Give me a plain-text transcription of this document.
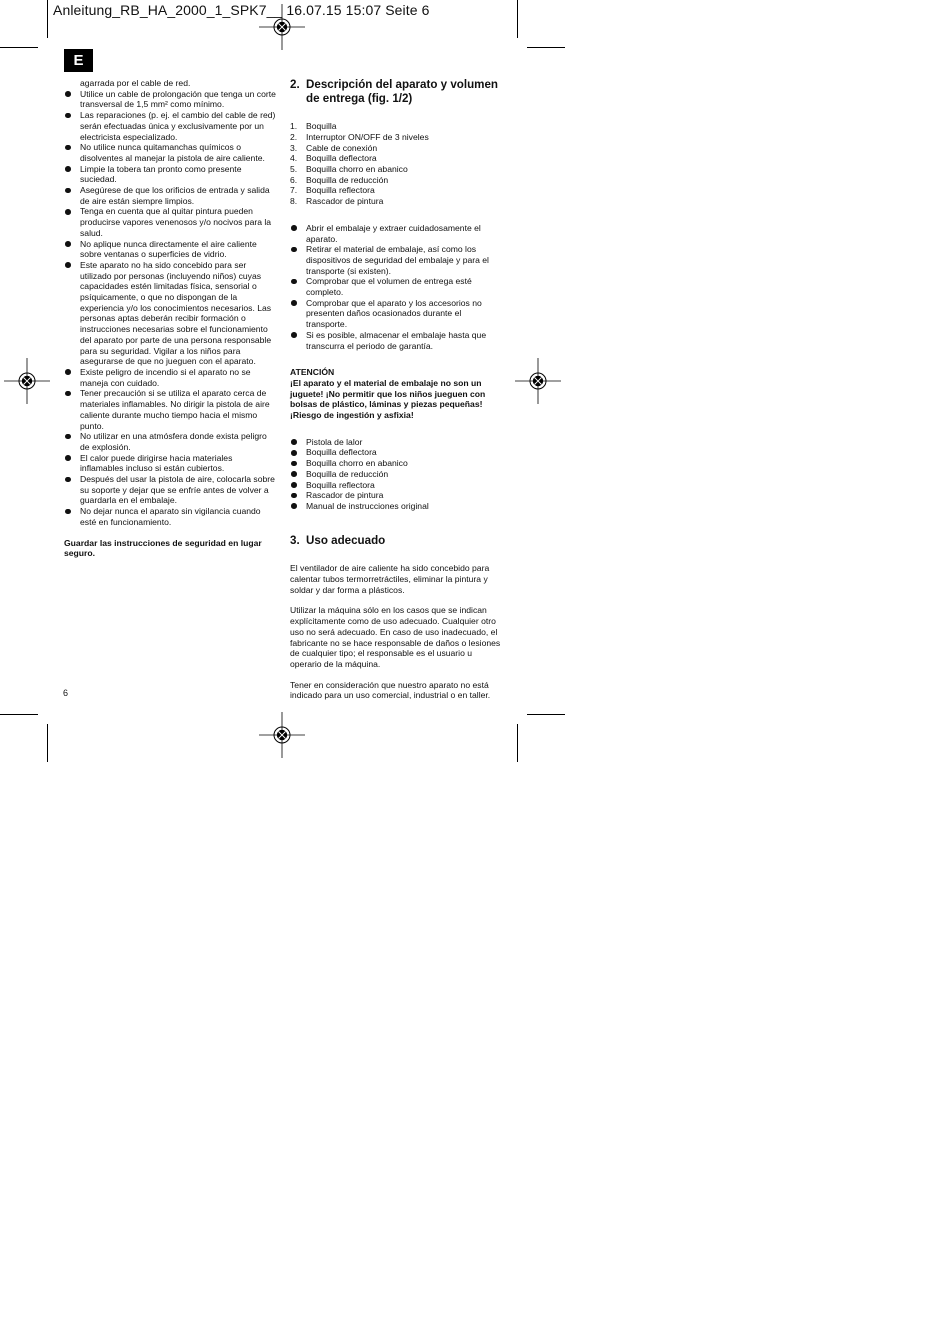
Anleitung_RB_HA_2000_1_SPK7__ 16.07.15 15:07 Seite 6
E

agarrada por el cable de red.

Utilice un cable de prolongación que tenga un corte transversal de 1,5 mm² como mínimo.
Las reparaciones (p. ej. el cambio del cable de red) serán efectuadas única y exclusivamente por un electricista especializado.
No utilice nunca quitamanchas químicos o disolventes al manejar la pistola de aire caliente.
Limpie la tobera tan pronto como presente suciedad.
Asegúrese de que los orificios de entrada y salida de aire están siempre limpios.
Tenga en cuenta que al quitar pintura pueden producirse vapores venenosos y/o nocivos para la salud.
No aplique nunca directamente el aire caliente sobre ventanas o superficies de vidrio.
Este aparato no ha sido concebido para ser utilizado por personas (incluyendo niños) cuyas capacidades estén limitadas física, sensorial o psíquicamente, o que no dispongan de la experiencia y/o los conocimientos necesarios. Las personas aptas deberán recibir formación o instrucciones necesarias sobre el funcionamiento del aparato por parte de una persona responsable para su seguridad. Vigilar a los niños para asegurarse de que no jueguen con el aparato.
Existe peligro de incendio si el aparato no se maneja con cuidado.
Tener precaución si se utiliza el aparato cerca de materiales inflamables. No dirigir la pistola de aire caliente durante mucho tiempo hacia el mismo punto.
No utilizar en una atmósfera donde exista peligro de explosión.
El calor puede dirigirse hacia materiales inflamables incluso si están cubiertos.
Después del usar la pistola de aire, colocarla sobre su soporte y dejar que se enfríe antes de volver a guardarla en el embalaje.
No dejar nunca el aparato sin vigilancia cuando esté en funcionamiento.

Guardar las instrucciones de seguridad en lugar seguro.

2. Descripción del aparato y volumen de entrega (fig. 1/2)
1. Boquilla
2. Interruptor ON/OFF de 3 niveles
3. Cable de conexión
4. Boquilla deflectora
5. Boquilla chorro en abanico
6. Boquilla de reducción
7. Boquilla reflectora
8. Rascador de pintura
Abrir el embalaje y extraer cuidadosamente el aparato.
Retirar el material de embalaje, así como los dispositivos de seguridad del embalaje y para el transporte (si existen).
Comprobar que el volumen de entrega esté completo.
Comprobar que el aparato y los accesorios no presenten daños ocasionados durante el transporte.
Si es posible, almacenar el embalaje hasta que transcurra el periodo de garantía.

ATENCIÓN

¡El aparato y el material de embalaje no son un juguete! ¡No permitir que los niños jueguen con bolsas de plástico, láminas y piezas pequeñas! ¡Riesgo de ingestión y asfixia!

Pistola de lalor
Boquilla deflectora
Boquilla chorro en abanico
Boquilla de reducción
Boquilla reflectora
Rascador de pintura
Manual de instrucciones original
3. Uso adecuado

El ventilador de aire caliente ha sido concebido para calentar tubos termorretráctiles, eliminar la pintura y soldar y dar forma a plásticos.

Utilizar la máquina sólo en los casos que se indican explícitamente como de uso adecuado. Cualquier otro uso no será adecuado. En caso de uso inadecuado, el fabricante no se hace responsable de daños o lesiones de cualquier tipo; el responsable es el usuario u operario de la máquina.

Tener en consideración que nuestro aparato no está indicado para un uso comercial, industrial o en taller.

6
